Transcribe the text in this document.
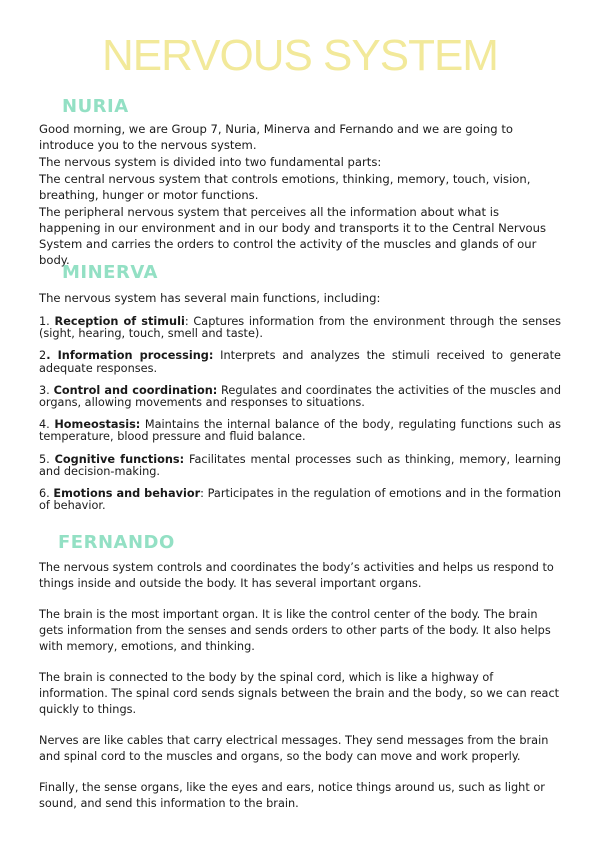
NERVOUS SYSTEM
NURIA

Good morning, we are Group 7, Nuria, Minerva and Fernando and we are going to introduce you to the nervous system.

The nervous system is divided into two fundamental parts:

The central nervous system that controls emotions, thinking, memory, touch, vision, breathing, hunger or motor functions.

The peripheral nervous system that perceives all the information about what is happening in our environment and in our body and transports it to the Central Nervous System and carries the orders to control the activity of the muscles and glands of our body.

MINERVA

The nervous system has several main functions, including:

1. Reception of stimuli: Captures information from the environment through the senses (sight, hearing, touch, smell and taste).

2. Information processing: Interprets and analyzes the stimuli received to generate adequate responses.

3. Control and coordination: Regulates and coordinates the activities of the muscles and organs, allowing movements and responses to situations.

4. Homeostasis: Maintains the internal balance of the body, regulating functions such as temperature, blood pressure and fluid balance.

5. Cognitive functions: Facilitates mental processes such as thinking, memory, learning and decision-making.

6. Emotions and behavior: Participates in the regulation of emotions and in the formation of behavior.

FERNANDO

The nervous system controls and coordinates the body’s activities and helps us respond to things inside and outside the body. It has several important organs.

The brain is the most important organ. It is like the control center of the body. The brain gets information from the senses and sends orders to other parts of the body. It also helps with memory, emotions, and thinking.

The brain is connected to the body by the spinal cord, which is like a highway of information. The spinal cord sends signals between the brain and the body, so we can react quickly to things.

Nerves are like cables that carry electrical messages. They send messages from the brain and spinal cord to the muscles and organs, so the body can move and work properly.

Finally, the sense organs, like the eyes and ears, notice things around us, such as light or sound, and send this information to the brain.
